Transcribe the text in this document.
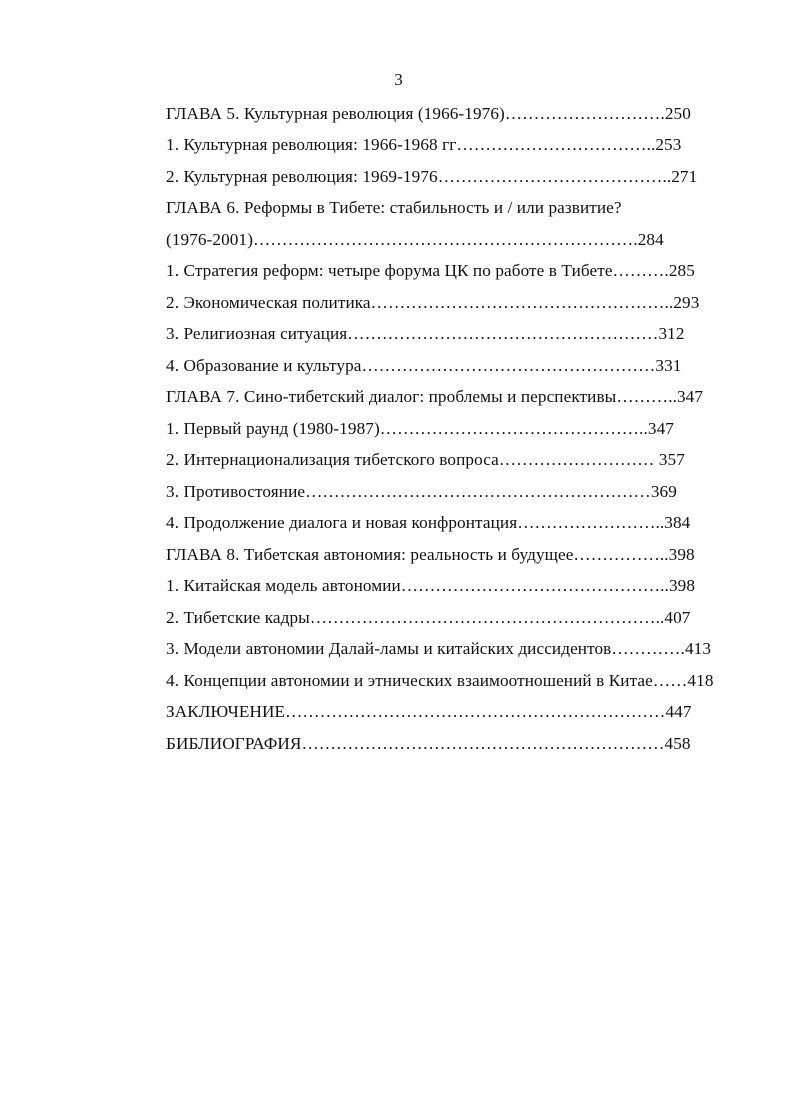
3
ГЛАВА 5. Культурная революция (1966-1976)……………………….250
1. Культурная революция: 1966-1968 гг……………………………..253
2. Культурная революция: 1969-1976…………………………………..271
ГЛАВА 6. Реформы в Тибете: стабильность и / или развитие?
(1976-2001)………………………………………………………….284
1. Стратегия реформ: четыре форума ЦК по работе в Тибете……….285
2. Экономическая политика……………………………………………..293
3. Религиозная ситуация………………………………………………312
4. Образование и культура……………………………………………331
ГЛАВА 7. Сино-тибетский диалог: проблемы и перспективы………..347
1. Первый раунд (1980-1987)………………………………………..347
2. Интернационализация тибетского вопроса……………………… 357
3. Противостояние……………………………………………………369
4. Продолжение диалога и новая конфронтация……………………..384
ГЛАВА 8. Тибетская автономия: реальность и будущее……………..398
1. Китайская модель автономии………………………………………..398
2. Тибетские кадры……………………………………………………..407
3. Модели автономии Далай-ламы и китайских диссидентов………….413
4. Концепции автономии и этнических взаимоотношений в Китае……418
ЗАКЛЮЧЕНИЕ…………………………………………………………447
БИБЛИОГРАФИЯ………………………………………………………458
